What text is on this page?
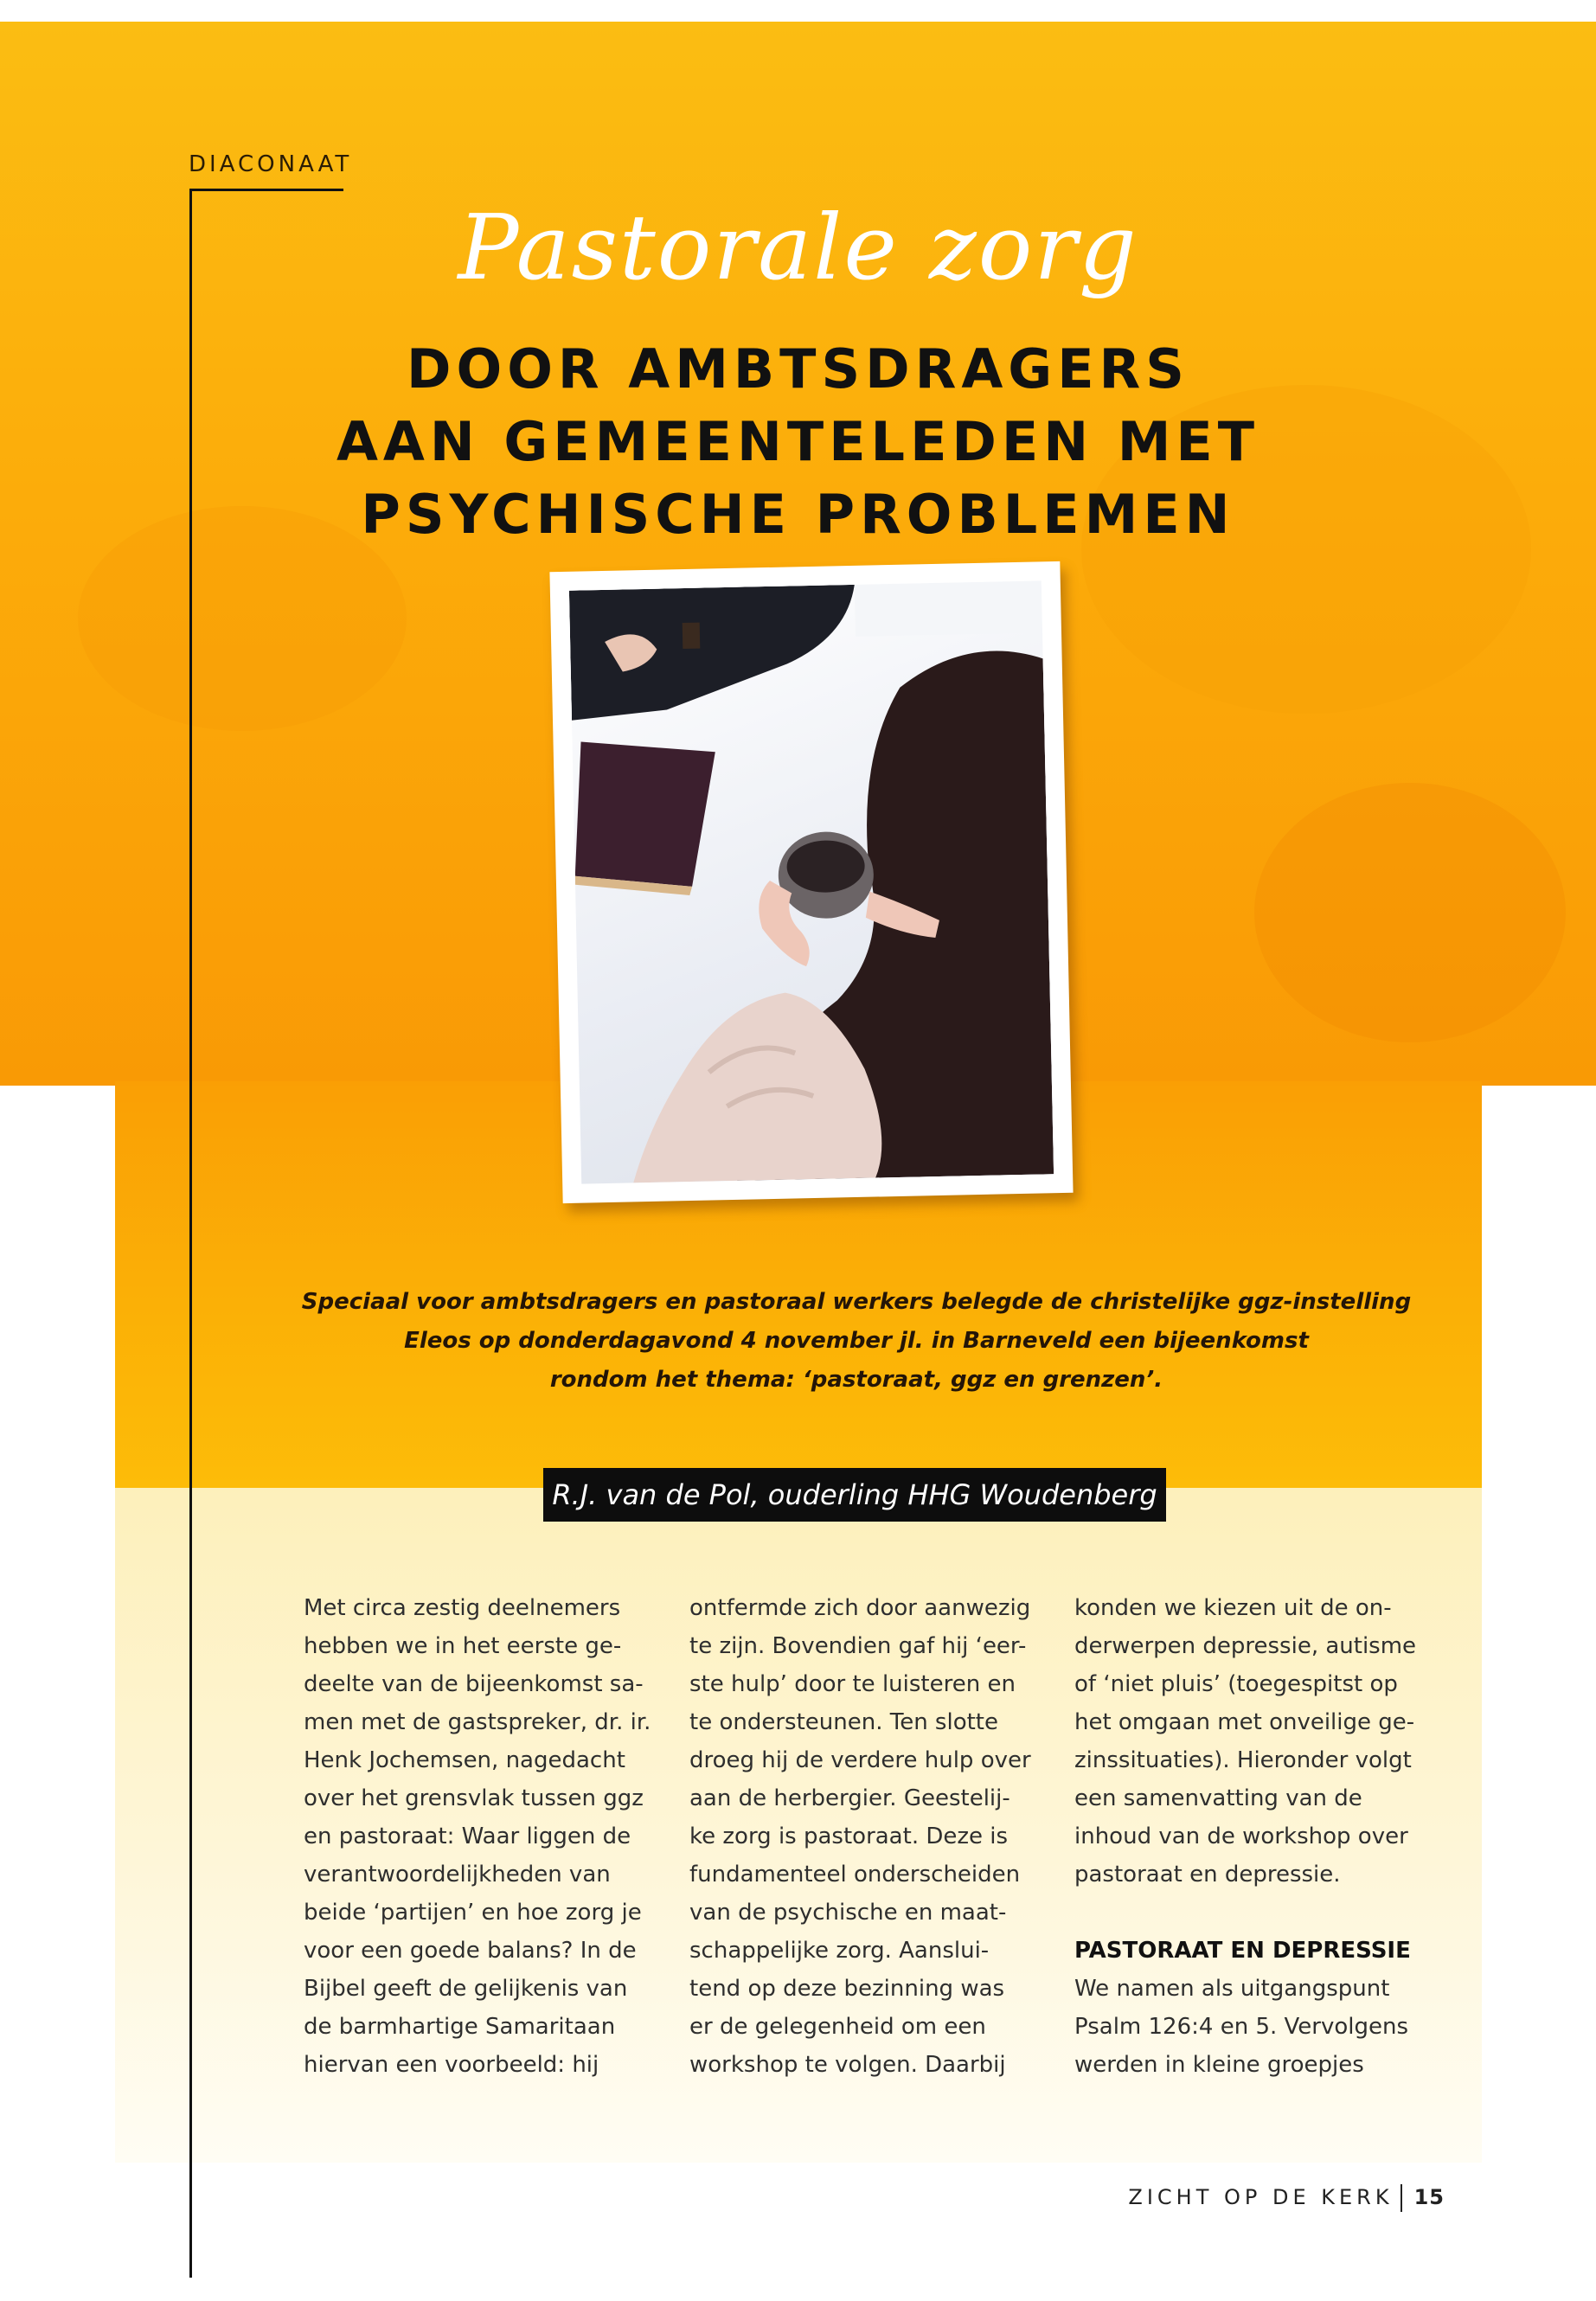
DIACONAAT
Pastorale zorg
DOOR AMBTSDRAGERS
AAN GEMEENTELEDEN MET
PSYCHISCHE PROBLEMEN
Speciaal voor ambtsdragers en pastoraal werkers belegde de christelijke ggz-instelling
Eleos op donderdagavond 4 november jl. in Barneveld een bijeenkomst
rondom het thema: ‘pastoraat, ggz en grenzen’.
R.J. van de Pol, ouderling HHG Woudenberg

Met circa zestig deelnemers

hebben we in het eerste ge-

deelte van de bijeenkomst sa-

men met de gastspreker, dr. ir.

Henk Jochemsen, nagedacht

over het grensvlak tussen ggz

en pastoraat: Waar liggen de

verantwoordelijkheden van

beide ‘partijen’ en hoe zorg je

voor een goede balans? In de

Bijbel geeft de gelijkenis van

de barmhartige Samaritaan

hiervan een voorbeeld: hij

ontfermde zich door aanwezig

te zijn. Bovendien gaf hij ‘eer-

ste hulp’ door te luisteren en

te ondersteunen. Ten slotte

droeg hij de verdere hulp over

aan de herbergier. Geestelij-

ke zorg is pastoraat. Deze is

fundamenteel onderscheiden

van de psychische en maat-

schappelijke zorg. Aanslui-

tend op deze bezinning was

er de gelegenheid om een

workshop te volgen. Daarbij

konden we kiezen uit de on-

derwerpen depressie, autisme

of ‘niet pluis’ (toegespitst op

het omgaan met onveilige ge-

zinssituaties). Hieronder volgt

een samenvatting van de

inhoud van de workshop over

pastoraat en depressie.

PASTORAAT EN DEPRESSIE

We namen als uitgangspunt

Psalm 126:4 en 5. Vervolgens

werden in kleine groepjes

ZICHT OP DE KERK 15
